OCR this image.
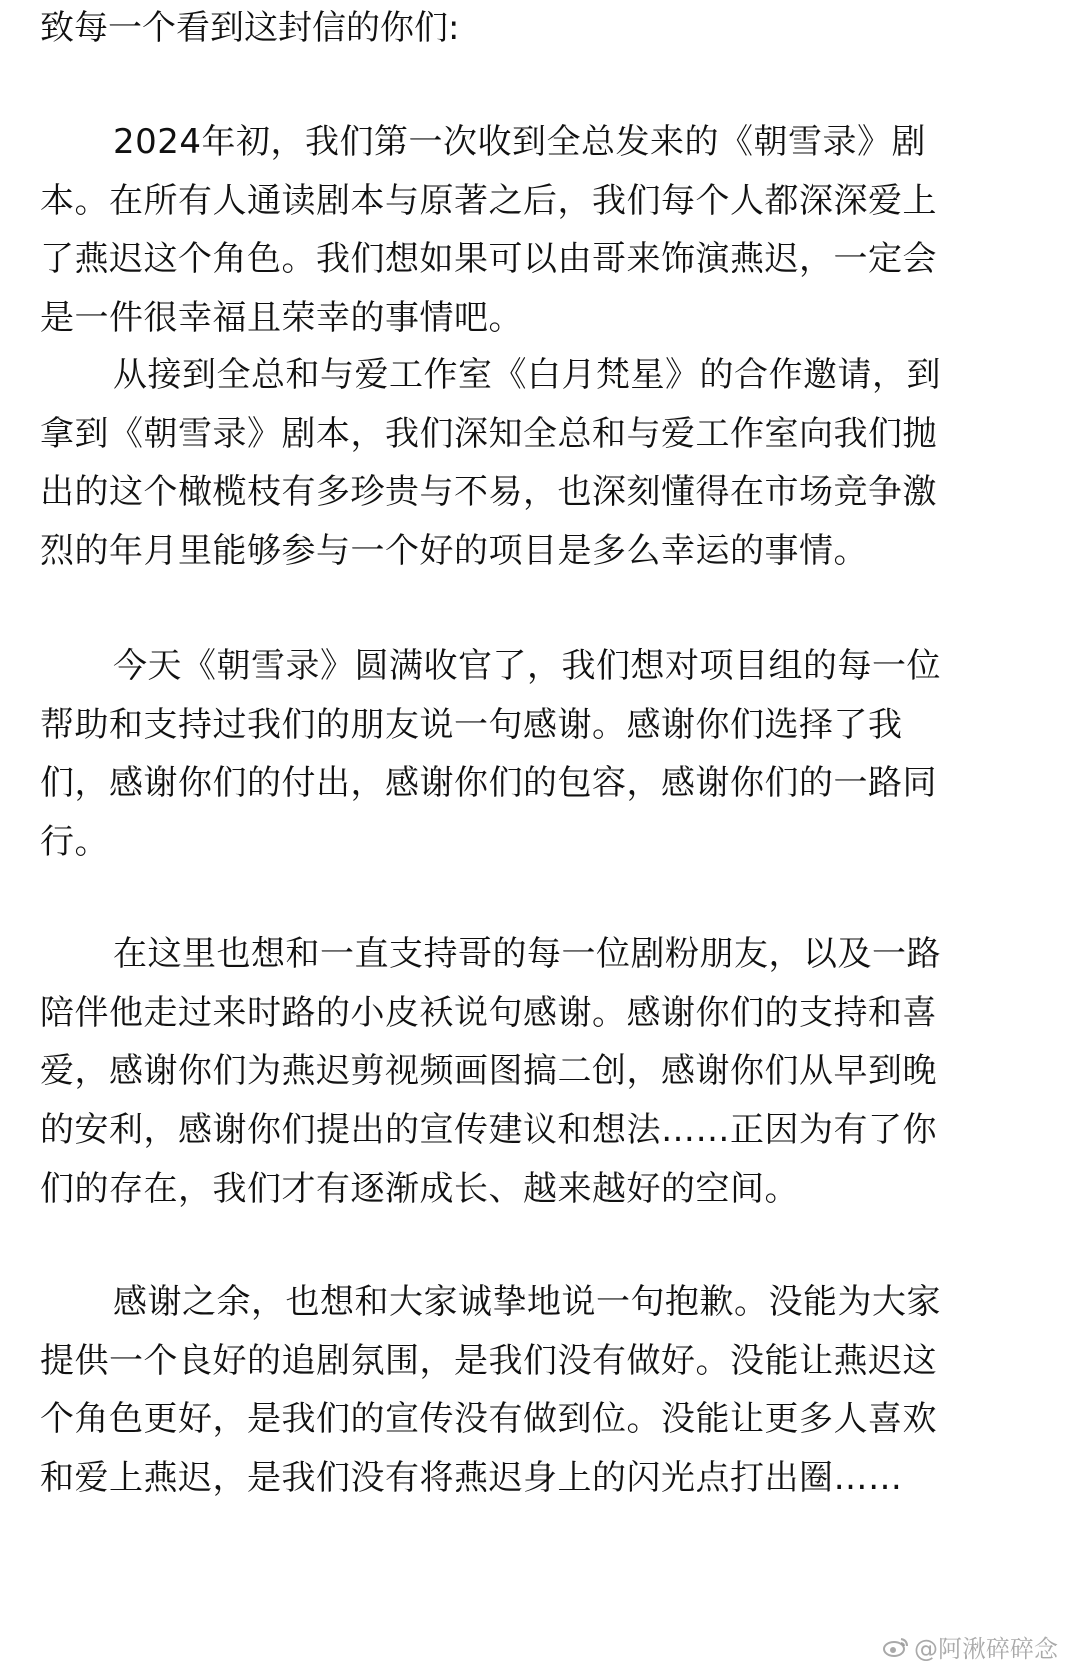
致每一个看到这封信的你们:

2024年初，我们第一次收到全总发来的《朝雪录》剧本。在所有人通读剧本与原著之后，我们每个人都深深爱上了燕迟这个角色。我们想如果可以由哥来饰演燕迟，一定会是一件很幸福且荣幸的事情吧。

从接到全总和与爱工作室《白月梵星》的合作邀请，到拿到《朝雪录》剧本，我们深知全总和与爱工作室向我们抛出的这个橄榄枝有多珍贵与不易，也深刻懂得在市场竞争激烈的年月里能够参与一个好的项目是多么幸运的事情。

今天《朝雪录》圆满收官了，我们想对项目组的每一位帮助和支持过我们的朋友说一句感谢。感谢你们选择了我们，感谢你们的付出，感谢你们的包容，感谢你们的一路同行。

在这里也想和一直支持哥的每一位剧粉朋友，以及一路陪伴他走过来时路的小皮袄说句感谢。感谢你们的支持和喜爱，感谢你们为燕迟剪视频画图搞二创，感谢你们从早到晚的安利，感谢你们提出的宣传建议和想法……正因为有了你们的存在，我们才有逐渐成长、越来越好的空间。

感谢之余，也想和大家诚挚地说一句抱歉。没能为大家提供一个良好的追剧氛围，是我们没有做好。没能让燕迟这个角色更好，是我们的宣传没有做到位。没能让更多人喜欢和爱上燕迟，是我们没有将燕迟身上的闪光点打出圈……

@阿湫碎碎念
